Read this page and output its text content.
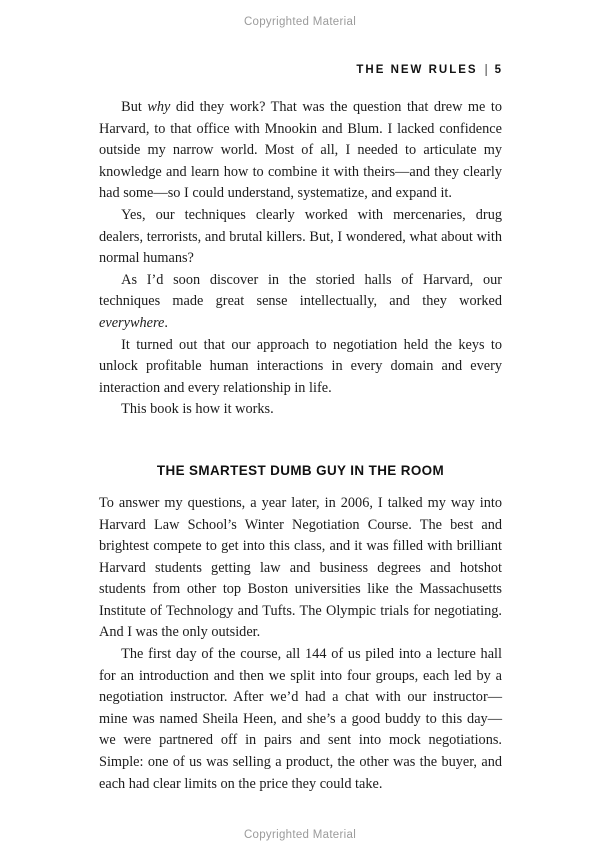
Copyrighted Material
THE NEW RULES | 5

But why did they work? That was the question that drew me to Harvard, to that office with Mnookin and Blum. I lacked confidence outside my narrow world. Most of all, I needed to articulate my knowledge and learn how to combine it with theirs—and they clearly had some—so I could understand, systematize, and expand it.

Yes, our techniques clearly worked with mercenaries, drug dealers, terrorists, and brutal killers. But, I wondered, what about with normal humans?

As I’d soon discover in the storied halls of Harvard, our techniques made great sense intellectually, and they worked everywhere.

It turned out that our approach to negotiation held the keys to unlock profitable human interactions in every domain and every interaction and every relationship in life.

This book is how it works.

THE SMARTEST DUMB GUY IN THE ROOM

To answer my questions, a year later, in 2006, I talked my way into Harvard Law School’s Winter Negotiation Course. The best and brightest compete to get into this class, and it was filled with brilliant Harvard students getting law and business degrees and hotshot students from other top Boston universities like the Massachusetts Institute of Technology and Tufts. The Olympic trials for negotiating. And I was the only outsider.

The first day of the course, all 144 of us piled into a lecture hall for an introduction and then we split into four groups, each led by a negotiation instructor. After we’d had a chat with our instructor—mine was named Sheila Heen, and she’s a good buddy to this day—we were partnered off in pairs and sent into mock negotiations. Simple: one of us was selling a product, the other was the buyer, and each had clear limits on the price they could take.

Copyrighted Material
